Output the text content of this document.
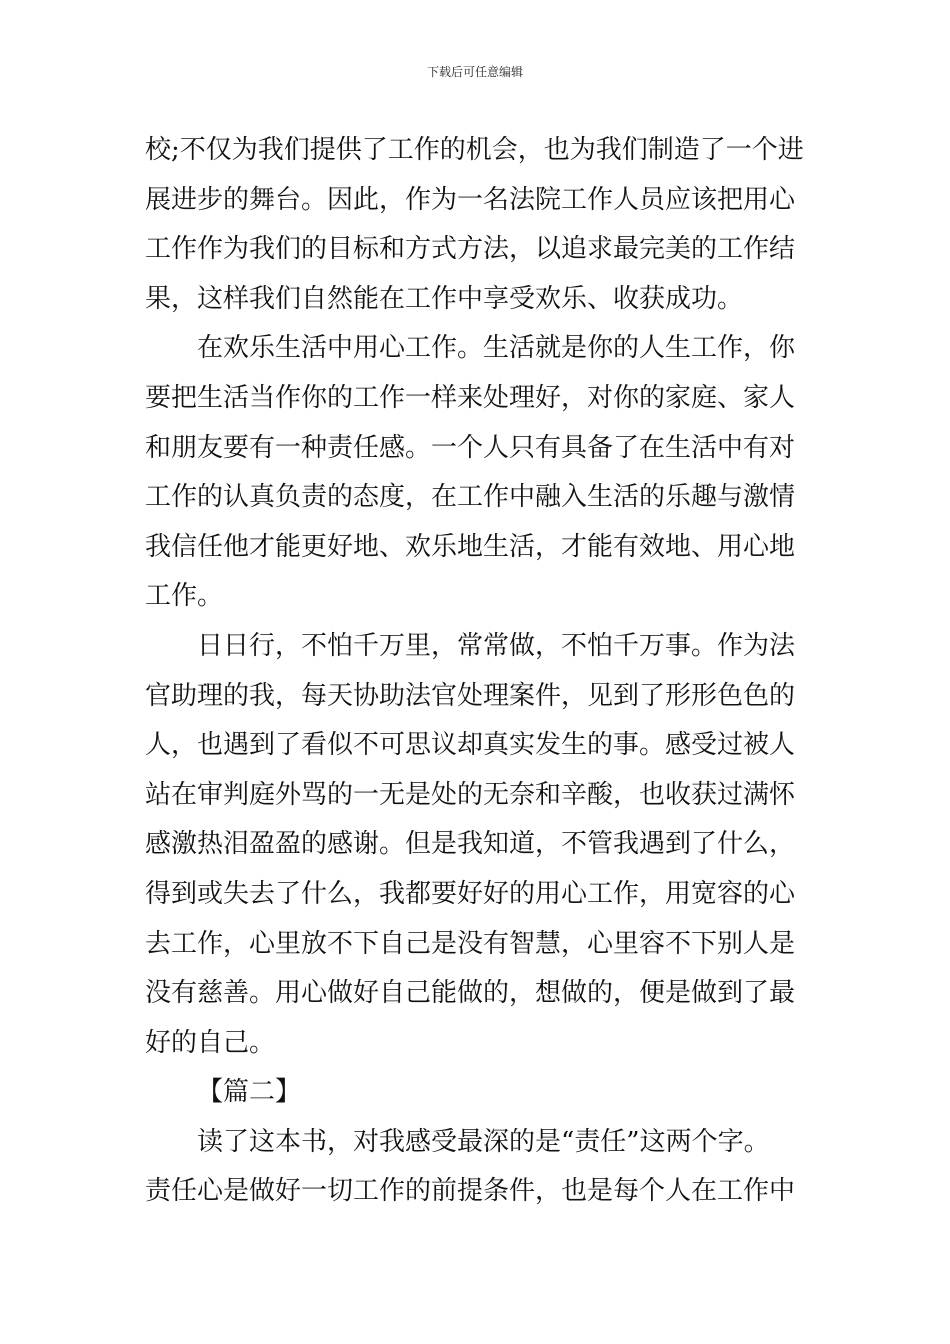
下载后可任意编辑
校;不仅为我们提供了工作的机会，也为我们制造了一个进
展进步的舞台。因此，作为一名法院工作人员应该把用心
工作作为我们的目标和方式方法，以追求最完美的工作结
果，这样我们自然能在工作中享受欢乐、收获成功。
在欢乐生活中用心工作。生活就是你的人生工作，你
要把生活当作你的工作一样来处理好，对你的家庭、家人
和朋友要有一种责任感。一个人只有具备了在生活中有对
工作的认真负责的态度，在工作中融入生活的乐趣与激情
我信任他才能更好地、欢乐地生活，才能有效地、用心地
工作。
日日行，不怕千万里，常常做，不怕千万事。作为法
官助理的我，每天协助法官处理案件，见到了形形色色的
人，也遇到了看似不可思议却真实发生的事。感受过被人
站在审判庭外骂的一无是处的无奈和辛酸，也收获过满怀
感激热泪盈盈的感谢。但是我知道，不管我遇到了什么，
得到或失去了什么，我都要好好的用心工作，用宽容的心
去工作，心里放不下自己是没有智慧，心里容不下别人是
没有慈善。用心做好自己能做的，想做的，便是做到了最
好的自己。
【篇二】
读了这本书，对我感受最深的是“责任”这两个字。
责任心是做好一切工作的前提条件，也是每个人在工作中
